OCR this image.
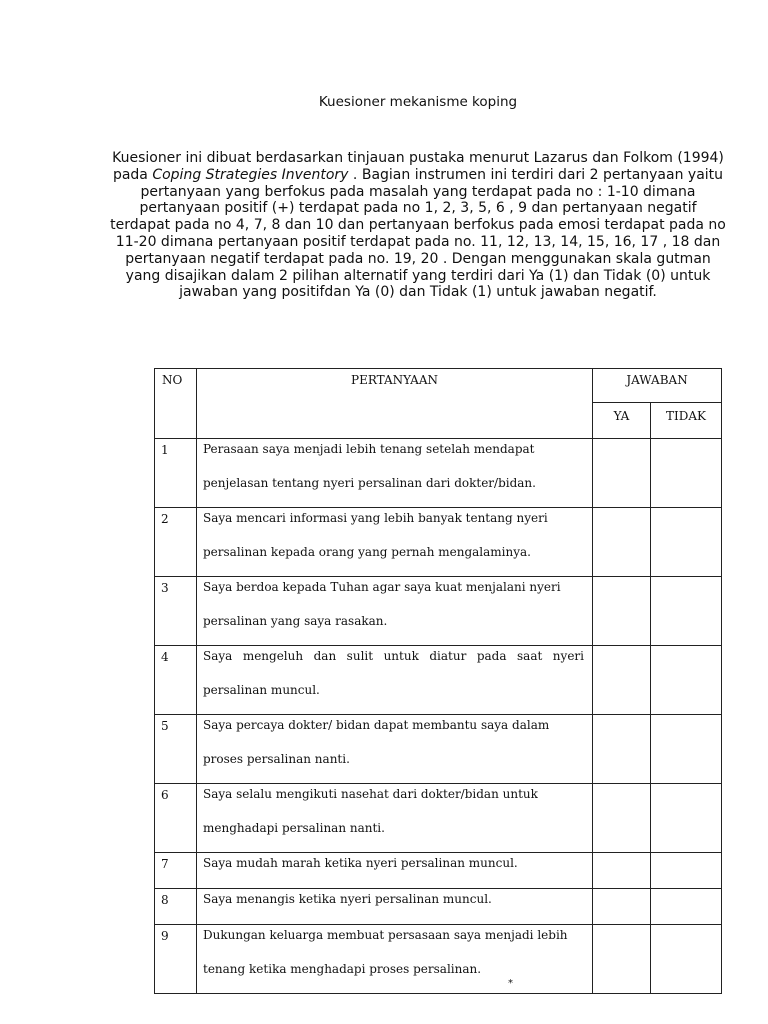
Kuesioner mekanisme koping
Kuesioner ini dibuat berdasarkan tinjauan pustaka menurut Lazarus dan Folkom (1994) pada Coping Strategies Inventory . Bagian instrumen ini terdiri dari 2 pertanyaan yaitu pertanyaan yang berfokus pada masalah yang terdapat pada no : 1-10 dimana pertanyaan positif (+) terdapat pada no 1, 2, 3, 5, 6 , 9 dan pertanyaan negatif terdapat pada no 4, 7, 8 dan 10 dan pertanyaan berfokus pada emosi terdapat pada no 11-20 dimana pertanyaan positif terdapat pada no. 11, 12, 13, 14, 15, 16, 17 , 18 dan pertanyaan negatif terdapat pada no. 19, 20 . Dengan menggunakan skala gutman yang disajikan dalam 2 pilihan alternatif yang terdiri dari Ya (1) dan Tidak (0) untuk jawaban yang positifdan Ya (0) dan Tidak (1) untuk jawaban negatif.
NO	PERTANYAAN	JAWABAN	
		YA	TIDAK
1	Perasaan saya menjadi lebih tenang setelah mendapat
penjelasan tentang nyeri persalinan dari dokter/bidan.		

2	Saya mencari informasi yang lebih banyak tentang nyeri
persalinan kepada orang yang pernah mengalaminya.		

3	Saya berdoa kepada Tuhan agar saya kuat menjalani nyeri
persalinan yang saya rasakan.		

4	Saya mengeluh dan sulit untuk diatur pada saat nyeri
persalinan muncul.		

5	Saya percaya dokter/ bidan dapat membantu saya dalam
proses persalinan nanti.		

6	Saya selalu mengikuti nasehat dari dokter/bidan untuk
menghadapi persalinan nanti.		

7	Saya mudah marah ketika nyeri persalinan muncul.		
8	Saya menangis ketika nyeri persalinan muncul.		
9	Dukungan keluarga membuat persasaan saya menjadi lebih
tenang ketika menghadapi proses persalinan.		

*
